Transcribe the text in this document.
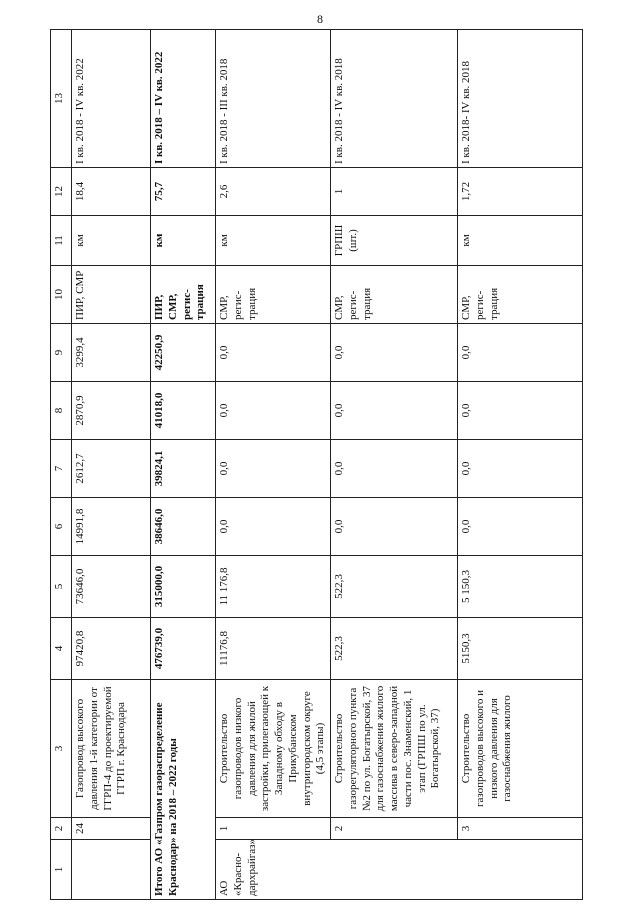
8
1	2	3	4	5	6	7	8	9	10	11	12	13
	24	Газопровод высокого давления 1-й категории от ГГРП-4 до проектируемой ГГРП г. Краснодара	97420,8	73646,0	14991,8	2612,7	2870,9	3299,4	ПИР, СМР	км	18,4	I кв. 2018 - IV кв. 2022
Итого АО «Газпром газораспределение Краснодар» на 2018 – 2022 годы			476739,0	315000,0	38646,0	39824,1	41018,0	42250,9	ПИР, СМР, регис-трация	км	75,7	I кв. 2018 – IV кв. 2022
АО «Красно-дархрайгаз»	1	Строительство газопроводов низкого давления для жилой застройки, прилегающей к Западному обходу в Прикубанском внутригородском округе (4,5 этапы)	11176,8	11 176,8	0,0	0,0	0,0	0,0	СМР, регис-трация	км	2,6	I кв. 2018 - III кв. 2018
	2	Строительство газорегуляторного пункта №2 по ул. Богатырской, 37 для газоснабжения жилого массива в северо-западной части пос. Знаменский, 1 этап (ГРПШ по ул. Богатырской, 37)	522,3	522,3	0,0	0,0	0,0	0,0	СМР, регис-трация	ГРПШ (шт.)	1	I кв. 2018 - IV кв. 2018
	3	Строительство газопроводов высокого и низкого давления для газоснабжения жилого	5150,3	5 150,3	0,0	0,0	0,0	0,0	СМР, регис-трация	км	1,72	I кв. 2018- IV кв. 2018
